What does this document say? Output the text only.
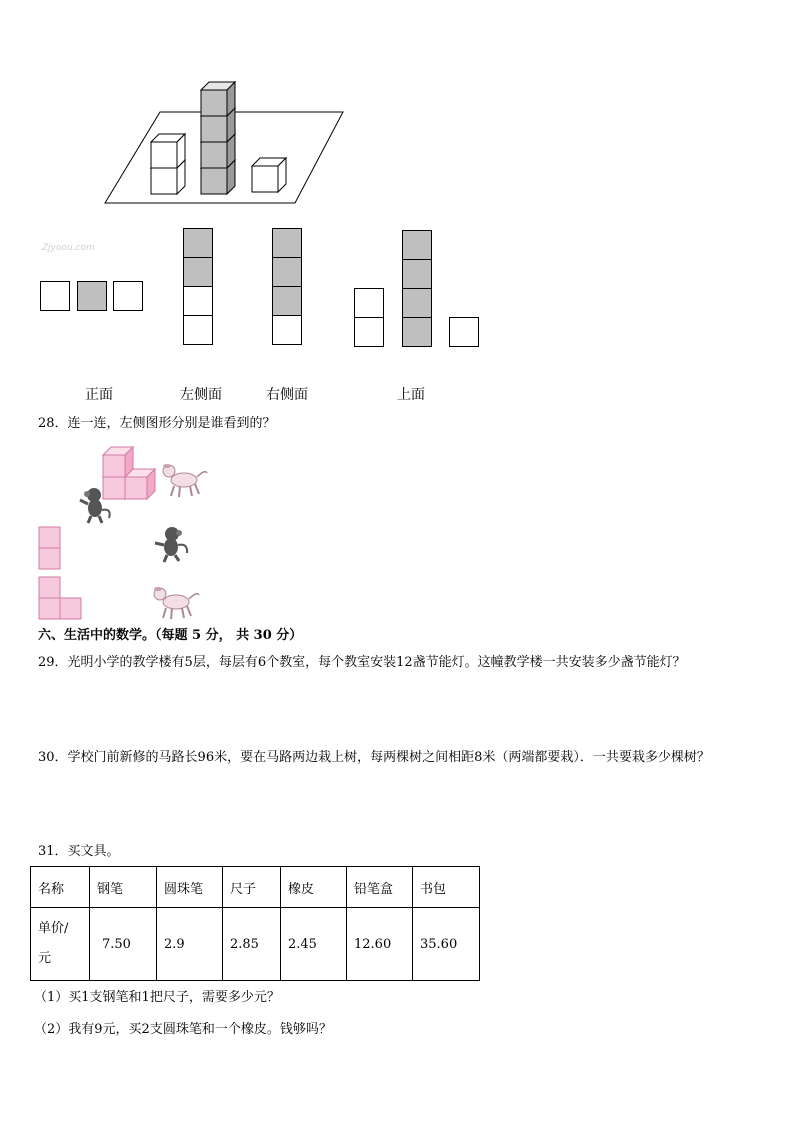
Zjyoou.com
正面	左侧面	右侧面	上面
28．连一连，左侧图形分别是谁看到的？
六、生活中的数学。（每题 5 分， 共 30 分）
29．光明小学的教学楼有5层，每层有6个教室，每个教室安装12盏节能灯。这幢教学楼一共安装多少盏节能灯？
30．学校门前新修的马路长96米，要在马路两边栽上树，每两棵树之间相距8米（两端都要栽）．一共要栽多少棵树？
31．买文具。
名称	钢笔	圆珠笔	尺子	橡皮	铅笔盒	书包

单价/
元	7.50	2.9	2.85	2.45	12.60	35.60
（1）买1支钢笔和1把尺子，需要多少元？
（2）我有9元，买2支圆珠笔和一个橡皮。钱够吗？
